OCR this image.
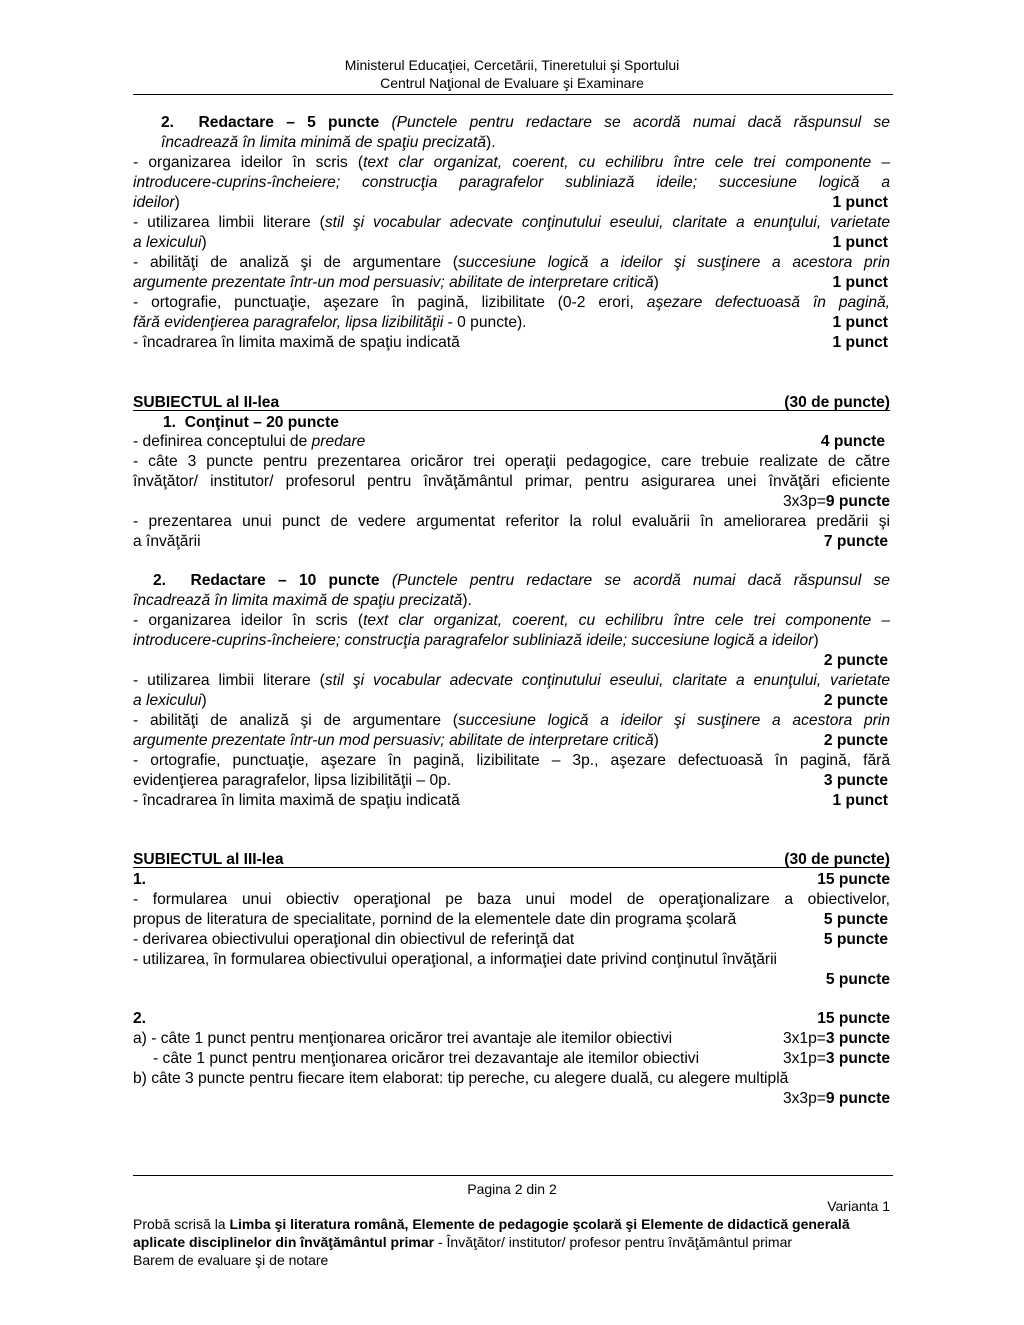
Ministerul Educaţiei, Cercetării, Tineretului şi Sportului
Centrul Naţional de Evaluare şi Examinare
2. Redactare – 5 puncte (Punctele pentru redactare se acordă numai dacă răspunsul se
încadrează în limita minimă de spaţiu precizată).
- organizarea ideilor în scris (text clar organizat, coerent, cu echilibru între cele trei componente –
introducere-cuprins-încheiere; construcţia paragrafelor subliniază ideile; succesiune logică a
ideilor)	1 punct
- utilizarea limbii literare (stil şi vocabular adecvate conţinutului eseului, claritate a enunţului, varietate
a lexicului)	1 punct
- abilităţi de analiză şi de argumentare (succesiune logică a ideilor şi susţinere a acestora prin
argumente prezentate într-un mod persuasiv; abilitate de interpretare critică)	1 punct
- ortografie, punctuaţie, aşezare în pagină, lizibilitate (0-2 erori, aşezare defectuoasă în pagină,
fără evidenţierea paragrafelor, lipsa lizibilităţii - 0 puncte).	1 punct
- încadrarea în limita maximă de spaţiu indicată	1 punct
SUBIECTUL al II-lea	(30 de puncte)
1. Conţinut – 20 puncte
- definirea conceptului de predare	4 puncte
- câte 3 puncte pentru prezentarea oricăror trei operaţii pedagogice, care trebuie realizate de către
învăţător/ institutor/ profesorul pentru învăţământul primar, pentru asigurarea unei învăţări eficiente
3x3p=9 puncte
- prezentarea unui punct de vedere argumentat referitor la rolul evaluării în ameliorarea predării şi
a învăţării	7 puncte
2. Redactare – 10 puncte (Punctele pentru redactare se acordă numai dacă răspunsul se
încadrează în limita maximă de spaţiu precizată).
- organizarea ideilor în scris (text clar organizat, coerent, cu echilibru între cele trei componente –
introducere-cuprins-încheiere; construcţia paragrafelor subliniază ideile; succesiune logică a ideilor)
2 puncte
- utilizarea limbii literare (stil şi vocabular adecvate conţinutului eseului, claritate a enunţului, varietate
a lexicului)	2 puncte
- abilităţi de analiză şi de argumentare (succesiune logică a ideilor şi susţinere a acestora prin
argumente prezentate într-un mod persuasiv; abilitate de interpretare critică)	2 puncte
- ortografie, punctuaţie, aşezare în pagină, lizibilitate – 3p., aşezare defectuoasă în pagină, fără
evidenţierea paragrafelor, lipsa lizibilităţii – 0p.	3 puncte
- încadrarea în limita maximă de spaţiu indicată	1 punct
SUBIECTUL al III-lea	(30 de puncte)
1.	15 puncte
- formularea unui obiectiv operaţional pe baza unui model de operaţionalizare a obiectivelor,
propus de literatura de specialitate, pornind de la elementele date din programa şcolară	5 puncte
- derivarea obiectivului operaţional din obiectivul de referinţă dat	5 puncte
- utilizarea, în formularea obiectivului operaţional, a informaţiei date privind conţinutul învăţării
5 puncte
2.	15 puncte
a) - câte 1 punct pentru menţionarea oricăror trei avantaje ale itemilor obiectivi	3x1p=3 puncte
- câte 1 punct pentru menţionarea oricăror trei dezavantaje ale itemilor obiectivi	3x1p=3 puncte
b) câte 3 puncte pentru fiecare item elaborat: tip pereche, cu alegere duală, cu alegere multiplă
3x3p=9 puncte
Pagina 2 din 2
Varianta 1
Probă scrisă la Limba şi literatura română, Elemente de pedagogie şcolară şi Elemente de didactică generală
aplicate disciplinelor din învăţământul primar - Învăţător/ institutor/ profesor pentru învăţământul primar
Barem de evaluare şi de notare
